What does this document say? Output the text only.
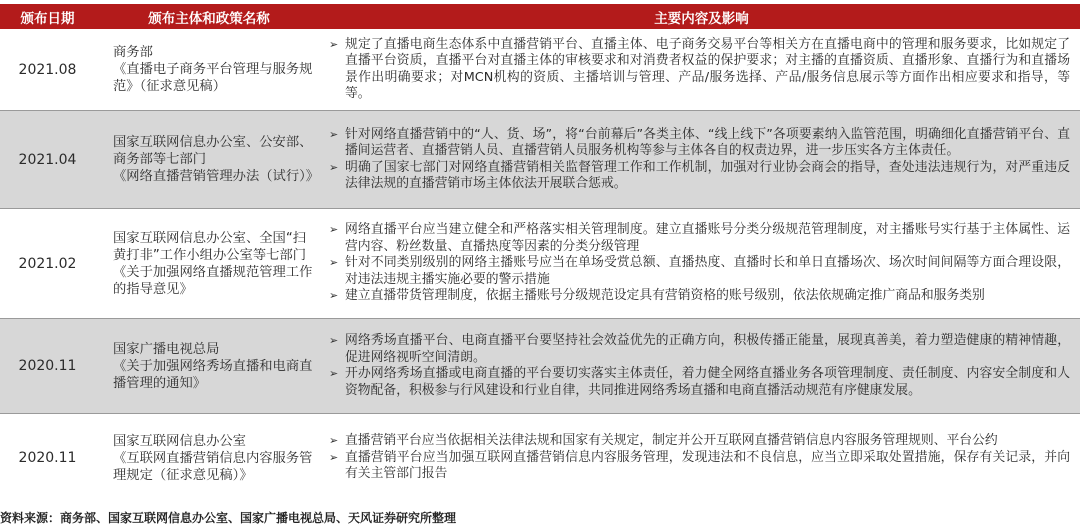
颁布日期	颁布主体和政策名称	主要内容及影响
2021.08
商务部
《直播电子商务平台管理与服务规范》（征求意见稿）
➢ 规定了直播电商生态体系中直播营销平台、直播主体、电子商务交易平台等相关方在直播电商中的管理和服务要求，比如规定了直播平台资质，直播平台对直播主体的审核要求和对消费者权益的保护要求；对主播的直播资质、直播形象、直播行为和直播场景作出明确要求；对MCN机构的资质、主播培训与管理、产品/服务选择、产品/服务信息展示等方面作出相应要求和指导，等等。
2021.04
国家互联网信息办公室、公安部、商务部等七部门
《网络直播营销管理办法（试行）》
➢ 针对网络直播营销中的“人、货、场”，将“台前幕后”各类主体、“线上线下”各项要素纳入监管范围，明确细化直播营销平台、直播间运营者、直播营销人员、直播营销人员服务机构等参与主体各自的权责边界，进一步压实各方主体责任。
➢ 明确了国家七部门对网络直播营销相关监督管理工作和工作机制，加强对行业协会商会的指导，查处违法违规行为，对严重违反法律法规的直播营销市场主体依法开展联合惩戒。
2021.02
国家互联网信息办公室、全国“扫黄打非”工作小组办公室等七部门
《关于加强网络直播规范管理工作的指导意见》
➢ 网络直播平台应当建立健全和严格落实相关管理制度。建立直播账号分类分级规范管理制度，对主播账号实行基于主体属性、运营内容、粉丝数量、直播热度等因素的分类分级管理
➢ 针对不同类别级别的网络主播账号应当在单场受赏总额、直播热度、直播时长和单日直播场次、场次时间间隔等方面合理设限，对违法违规主播实施必要的警示措施
➢ 建立直播带货管理制度，依据主播账号分级规范设定具有营销资格的账号级别，依法依规确定推广商品和服务类别
2020.11
国家广播电视总局
《关于加强网络秀场直播和电商直播管理的通知》
➢ 网络秀场直播平台、电商直播平台要坚持社会效益优先的正确方向，积极传播正能量，展现真善美，着力塑造健康的精神情趣，促进网络视听空间清朗。
➢ 开办网络秀场直播或电商直播的平台要切实落实主体责任，着力健全网络直播业务各项管理制度、责任制度、内容安全制度和人资物配备，积极参与行风建设和行业自律，共同推进网络秀场直播和电商直播活动规范有序健康发展。
2020.11
国家互联网信息办公室
《互联网直播营销信息内容服务管理规定（征求意见稿）》
➢ 直播营销平台应当依据相关法律法规和国家有关规定，制定并公开互联网直播营销信息内容服务管理规则、平台公约
➢ 直播营销平台应当加强互联网直播营销信息内容服务管理，发现违法和不良信息，应当立即采取处置措施，保存有关记录，并向有关主管部门报告
资料来源：商务部、国家互联网信息办公室、国家广播电视总局、天风证券研究所整理
